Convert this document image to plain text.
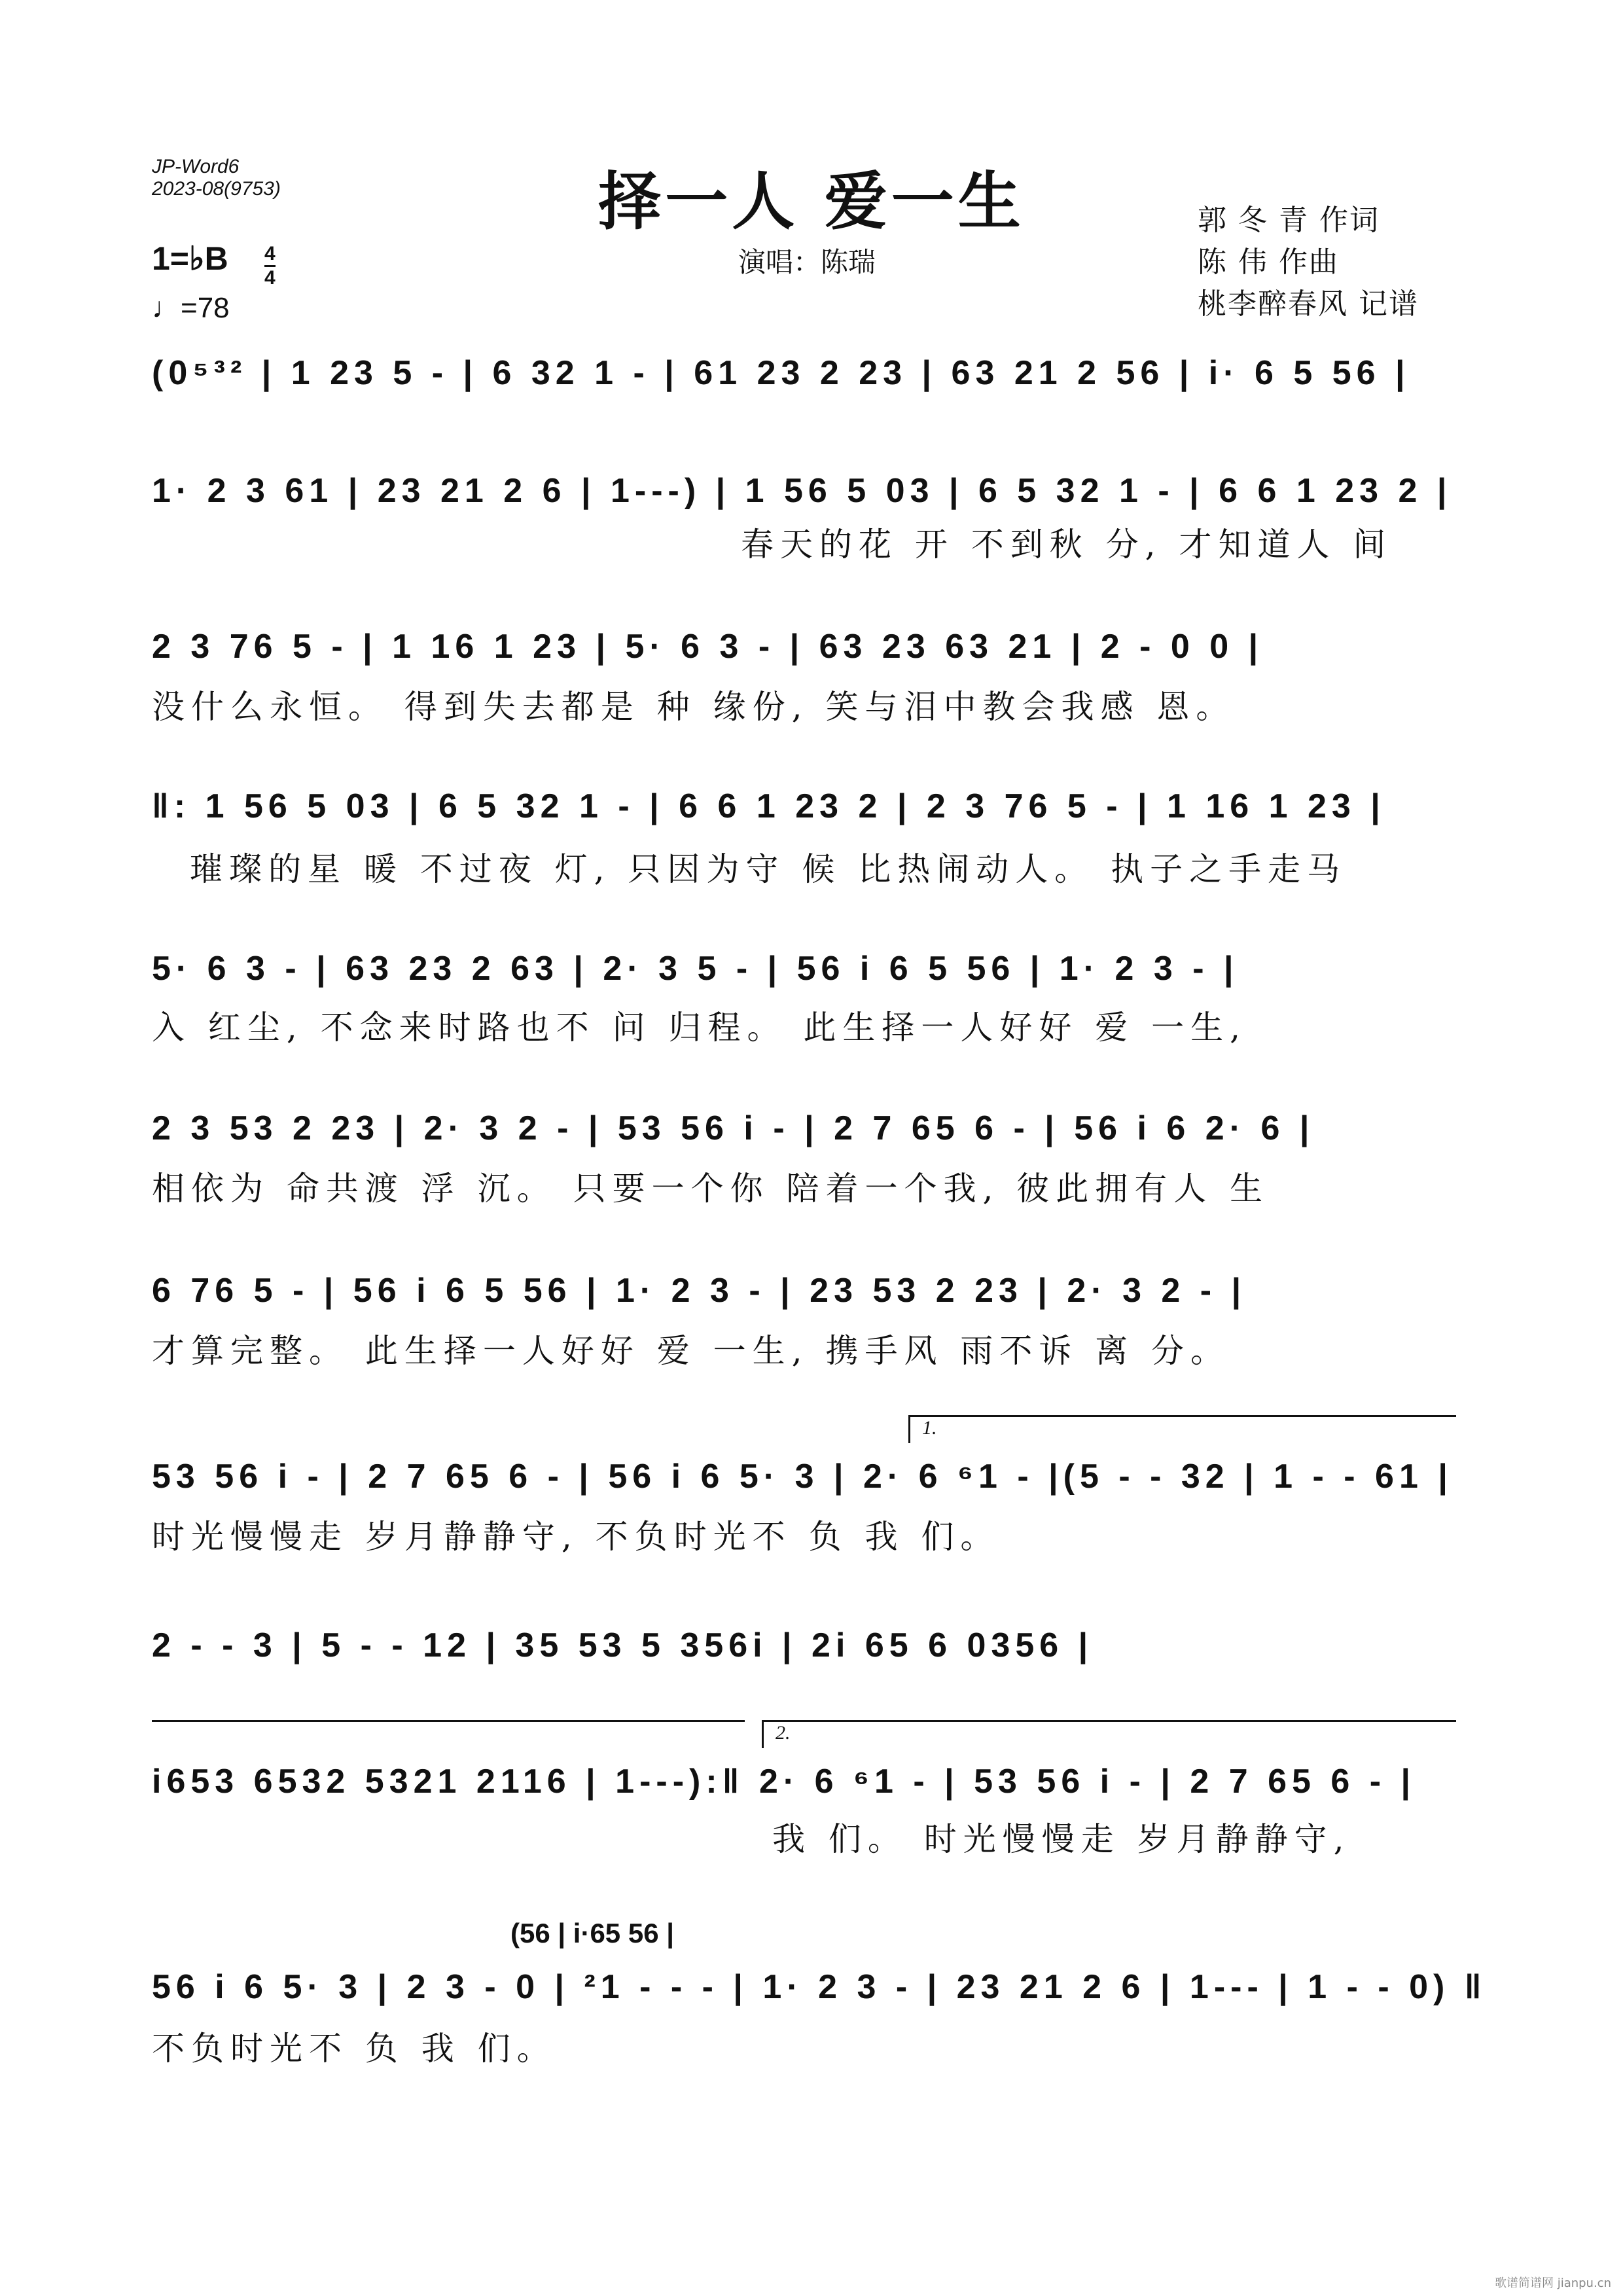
JP-Word6
2023-08(9753)	择一人 爱一生
演唱：陈瑞
郭 冬 青 作词
陈 伟 作曲
桃李醉春风 记谱
1=♭B 4
4
♩=78
(0⁵³² | 1 23 5 - | 6 32 1 - | 61 23 2 23 | 63 21 2 56 | i· 6 5 56 |
1· 2 3 61 | 23 21 2 6 | 1---) | 1 56 5 03 | 6 5 32 1 - | 6 6 1 23 2 |
春天的花 开 不到秋 分, 才知道人 间
2 3 76 5 - | 1 16 1 23 | 5· 6 3 - | 63 23 63 21 | 2 - 0 0 |
没什么永恒。 得到失去都是 种 缘份, 笑与泪中教会我感 恩。
‖: 1 56 5 03 | 6 5 32 1 - | 6 6 1 23 2 | 2 3 76 5 - | 1 16 1 23 |
璀璨的星 暖 不过夜 灯, 只因为守 候 比热闹动人。 执子之手走马
5· 6 3 - | 63 23 2 63 | 2· 3 5 - | 56 i 6 5 56 | 1· 2 3 - |
入 红尘, 不念来时路也不 问 归程。 此生择一人好好 爱 一生,
2 3 53 2 23 | 2· 3 2 - | 53 56 i - | 2 7 65 6 - | 56 i 6 2· 6 |
相依为 命共渡 浮 沉。 只要一个你 陪着一个我, 彼此拥有人 生
6 76 5 - | 56 i 6 5 56 | 1· 2 3 - | 23 53 2 23 | 2· 3 2 - |
才算完整。 此生择一人好好 爱 一生, 携手风 雨不诉 离 分。
1.
53 56 i - | 2 7 65 6 - | 56 i 6 5· 3 | 2· 6 ⁶1 - |(5 - - 32 | 1 - - 61 |
时光慢慢走 岁月静静守, 不负时光不 负 我 们。
2 - - 3 | 5 - - 12 | 35 53 5 356i | 2i 65 6 0356 |
2.
i653 6532 5321 2116 | 1---):‖ 2· 6 ⁶1 - | 53 56 i - | 2 7 65 6 - |
我 们。 时光慢慢走 岁月静静守,
(56 | i·65 56 |
56 i 6 5· 3 | 2 3 - 0 | ²1 - - - | 1· 2 3 - | 23 21 2 6 | 1--- | 1 - - 0) ‖
不负时光不 负 我 们。
歌谱简谱网 jianpu.cn
